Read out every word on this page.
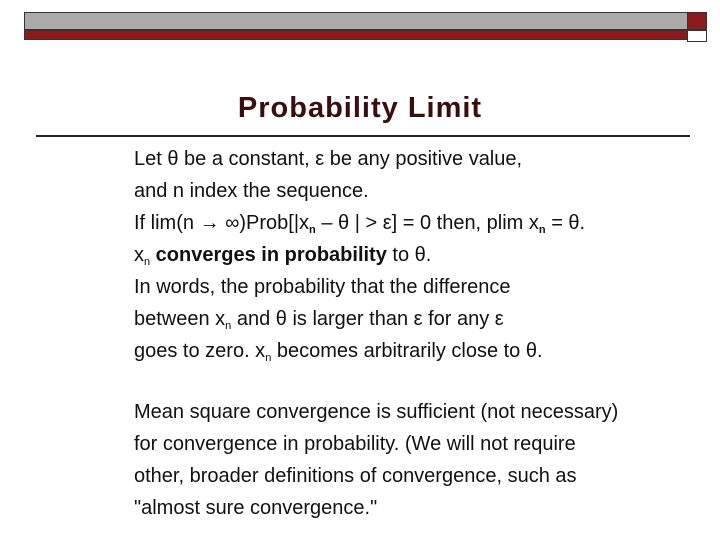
Probability Limit
Let θ be a constant, ε be any positive value,
and n index the sequence.
If $\lim(n \to \infty)Prob[|x_n - \theta$ | > ε] = 0 then, plim $x_n = \theta$.
$x_n$ converges in probability to θ.
In words, the probability that the difference
between $x_n$ and θ is larger than ε for any ε
goes to zero. $x_n$ becomes arbitrarily close to θ.
Mean square convergence is sufficient (not necessary)
for convergence in probability. (We will not require
other, broader definitions of convergence, such as
"almost sure convergence."
